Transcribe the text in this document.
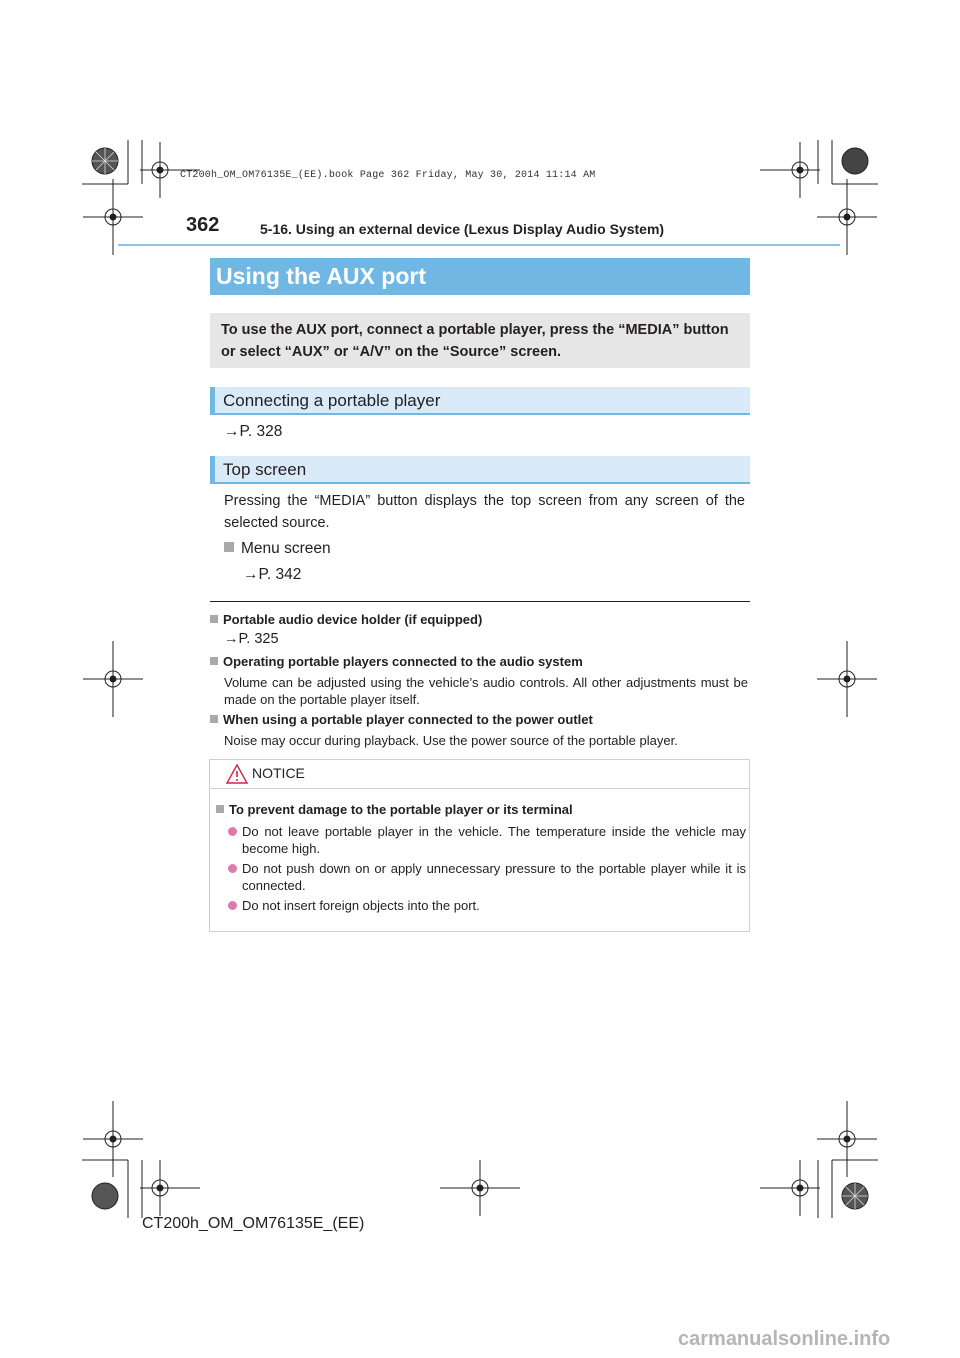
CT200h_OM_OM76135E_(EE).book Page 362 Friday, May 30, 2014 11:14 AM
362	5-16. Using an external device (Lexus Display Audio System)
Using the AUX port
To use the AUX port, connect a portable player, press the “MEDIA” button or select “AUX” or “A/V” on the “Source” screen.
Connecting a portable player
→P. 328
Top screen
Pressing the “MEDIA” button displays the top screen from any screen of the selected source.
Menu screen
→P. 342
Portable audio device holder (if equipped)
→P. 325
Operating portable players connected to the audio system
Volume can be adjusted using the vehicle’s audio controls. All other adjustments must be made on the portable player itself.
When using a portable player connected to the power outlet
Noise may occur during playback. Use the power source of the portable player.
NOTICE
To prevent damage to the portable player or its terminal
Do not leave portable player in the vehicle. The temperature inside the vehicle may become high.
Do not push down on or apply unnecessary pressure to the portable player while it is connected.
Do not insert foreign objects into the port.
CT200h_OM_OM76135E_(EE)
carmanualsonline.info
